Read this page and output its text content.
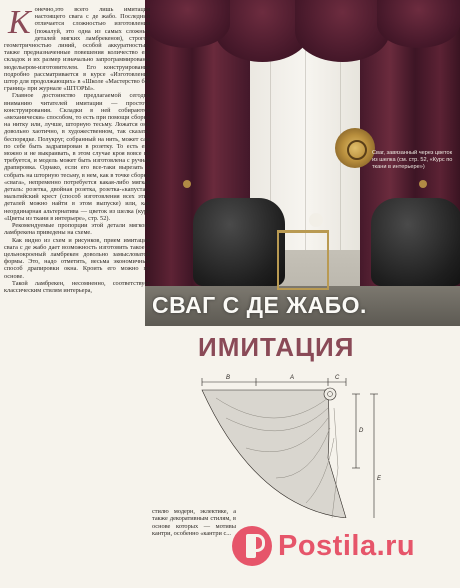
Сваг, завязанный через цветок из шелка (см. стр. 52, «Курс по ткани в интерьере»)
СВАГ С ДЕ ЖАБО.
ИМИТАЦИЯ
К онечно,это всего лишь имитация настоящего свага с де жабо. Последний отличается сложностью изготовления (пожалуй, это одна из самых сложных деталей мягких ламбрекенов), строгой геометричностью линий, особой аккуратностью, также предназначенные повешения количество его складок и их размер изначально запрограммированы модельером-изготовителем. Его конструирование подробно рассматривается в курсе «Изготовление штор для продолжающих» в «Школе «Мастерство без границ» при журнале «ШТОРЫ».

Главное достоинство предлагаемой сегодня вниманию читателей имитации — простота конструирования. Складки в ней собираются «механически» способом, то есть при помощи сборки на нитку или, лучше, шторную тесьму. Ложатся они довольно хаотично, в художественном, так сказать, беспорядке. Полукруг, собранный на нить, может сам по себе быть задрапирован в розетку. То есть его можно и не выкраивать, в этом случае кроя вовсе не требуется, и модель может быть изготовлена с ручная драпировка. Однако, если его все-таки вырезать и собрать на шторную тесьму, в нем, как в точке сборки «свага», непременно потребуется какая-либо мягкая деталь: розетка, двойная розетка, розетка-«капуста», мальтийский крест (способ изготовления всех этих деталей можно найти в этом выпуске) или, как неординарная альтернатива — цветок из шелка (курс «Цветы из ткани в интерьере», стр. 52).

Рекомендуемые пропорции этой детали мягкого ламбрекена приведены на схеме.

Как видно из схем и рисунков, прием имитации свага с де жабо дает возможность изготовить такое и цельнокроеный ламбрекен довольно замысловатой формы. Это, надо отметить, весьма экономичный способ драпировки окна. Кроить его можно по основе.

Такой ламбрекен, несомненно, соответствует классическим стилям интерьера,

В	А	С
D
Е

стилю модерн, эклектике, а также декоративным стилям, в основе которых — мотивы кантри, особенно «кантри с... Postila.ru
